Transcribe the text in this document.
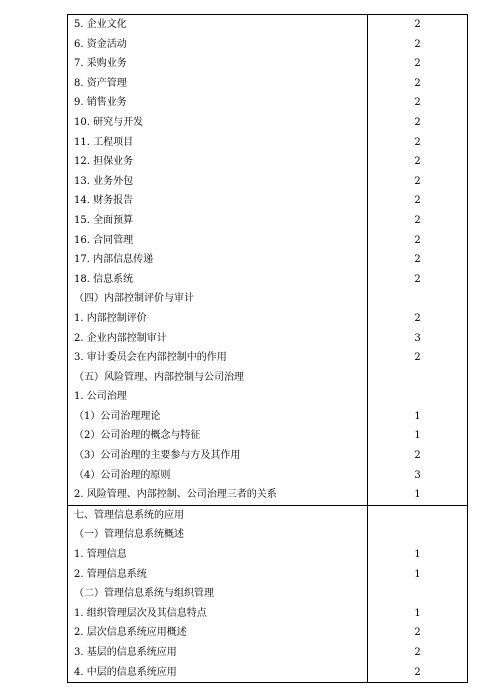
5. 企业文化	2
6. 资金活动	2
7. 采购业务	2
8. 资产管理	2
9. 销售业务	2
10. 研究与开发	2
11. 工程项目	2
12. 担保业务	2
13. 业务外包	2
14. 财务报告	2
15. 全面预算	2
16. 合同管理	2
17. 内部信息传递	2
18. 信息系统	2
（四）内部控制评价与审计	
1. 内部控制评价	2
2. 企业内部控制审计	3
3. 审计委员会在内部控制中的作用	2
（五）风险管理、内部控制与公司治理	
1. 公司治理	
（1）公司治理理论	1
（2）公司治理的概念与特征	1
（3）公司治理的主要参与方及其作用	2
（4）公司治理的原则	3
2. 风险管理、内部控制、公司治理三者的关系	1
七、管理信息系统的应用	
（一）管理信息系统概述	
1. 管理信息	1
2. 管理信息系统	1
（二）管理信息系统与组织管理	
1. 组织管理层次及其信息特点	1
2. 层次信息系统应用概述	2
3. 基层的信息系统应用	2
4. 中层的信息系统应用	2
